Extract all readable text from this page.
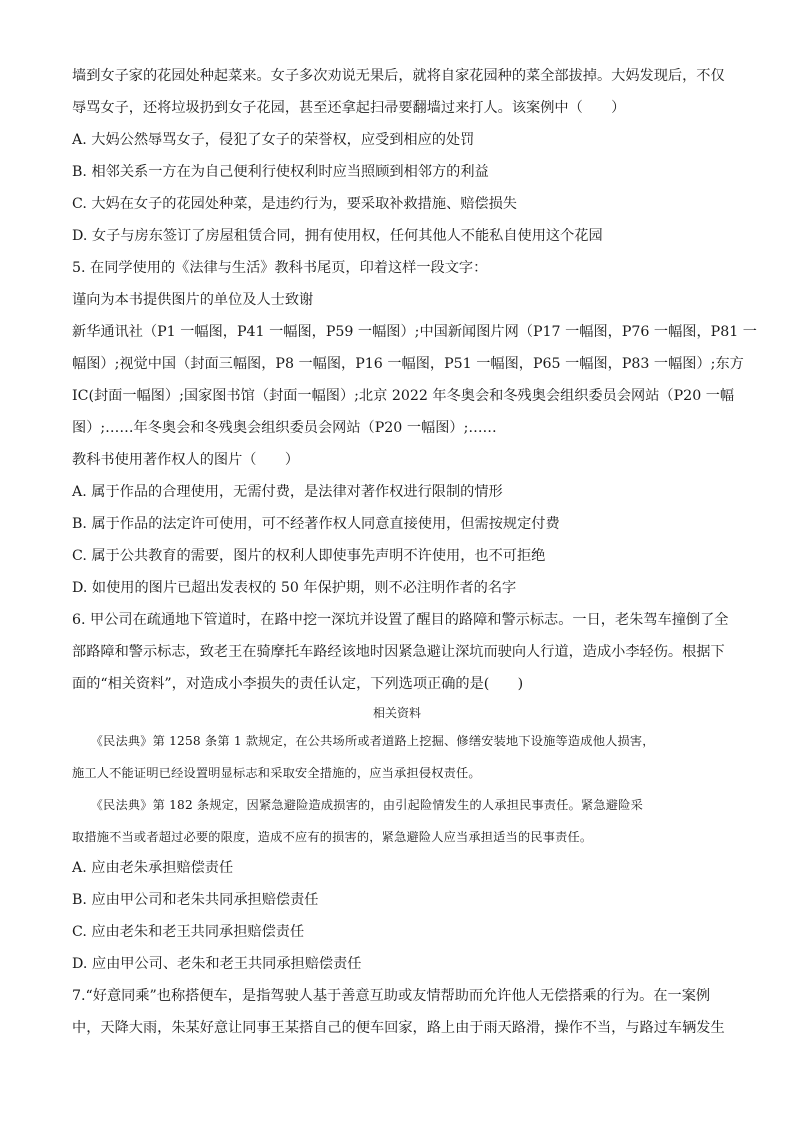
墙到女子家的花园处种起菜来。女子多次劝说无果后，就将自家花园种的菜全部拔掉。大妈发现后，不仅
辱骂女子，还将垃圾扔到女子花园，甚至还拿起扫帚要翻墙过来打人。该案例中（　　）
A. 大妈公然辱骂女子，侵犯了女子的荣誉权，应受到相应的处罚
B. 相邻关系一方在为自己便利行使权利时应当照顾到相邻方的利益
C. 大妈在女子的花园处种菜，是违约行为，要采取补救措施、赔偿损失
D. 女子与房东签订了房屋租赁合同，拥有使用权，任何其他人不能私自使用这个花园
5. 在同学使用的《法律与生活》教科书尾页，印着这样一段文字：
谨向为本书提供图片的单位及人士致谢
新华通讯社（P1 一幅图，P41 一幅图，P59 一幅图）;中国新闻图片网（P17 一幅图，P76 一幅图，P81 一
幅图）;视觉中国（封面三幅图，P8 一幅图，P16 一幅图，P51 一幅图，P65 一幅图，P83 一幅图）;东方
IC(封面一幅图）;国家图书馆（封面一幅图）;北京 2022 年冬奥会和冬残奥会组织委员会网站（P20 一幅
图）;……年冬奥会和冬残奥会组织委员会网站（P20 一幅图）;……
教科书使用著作权人的图片（　　）
A. 属于作品的合理使用，无需付费，是法律对著作权进行限制的情形
B. 属于作品的法定许可使用，可不经著作权人同意直接使用，但需按规定付费
C. 属于公共教育的需要，图片的权利人即使事先声明不许使用，也不可拒绝
D. 如使用的图片已超出发表权的 50 年保护期，则不必注明作者的名字
6. 甲公司在疏通地下管道时，在路中挖一深坑并设置了醒目的路障和警示标志。一日，老朱驾车撞倒了全
部路障和警示标志，致老王在骑摩托车路经该地时因紧急避让深坑而驶向人行道，造成小李轻伤。根据下
面的“相关资料”，对造成小李损失的责任认定，下列选项正确的是(　　)
相关资料
　　《民法典》第 1258 条第 1 款规定，在公共场所或者道路上挖掘、修缮安装地下设施等造成他人损害，
施工人不能证明已经设置明显标志和采取安全措施的，应当承担侵权责任。
　　《民法典》第 182 条规定，因紧急避险造成损害的，由引起险情发生的人承担民事责任。紧急避险采
取措施不当或者超过必要的限度，造成不应有的损害的，紧急避险人应当承担适当的民事责任。
A. 应由老朱承担赔偿责任
B. 应由甲公司和老朱共同承担赔偿责任
C. 应由老朱和老王共同承担赔偿责任
D. 应由甲公司、老朱和老王共同承担赔偿责任
7.“好意同乘”也称搭便车，是指驾驶人基于善意互助或友情帮助而允许他人无偿搭乘的行为。在一案例
中，天降大雨，朱某好意让同事王某搭自己的便车回家，路上由于雨天路滑，操作不当，与路过车辆发生
